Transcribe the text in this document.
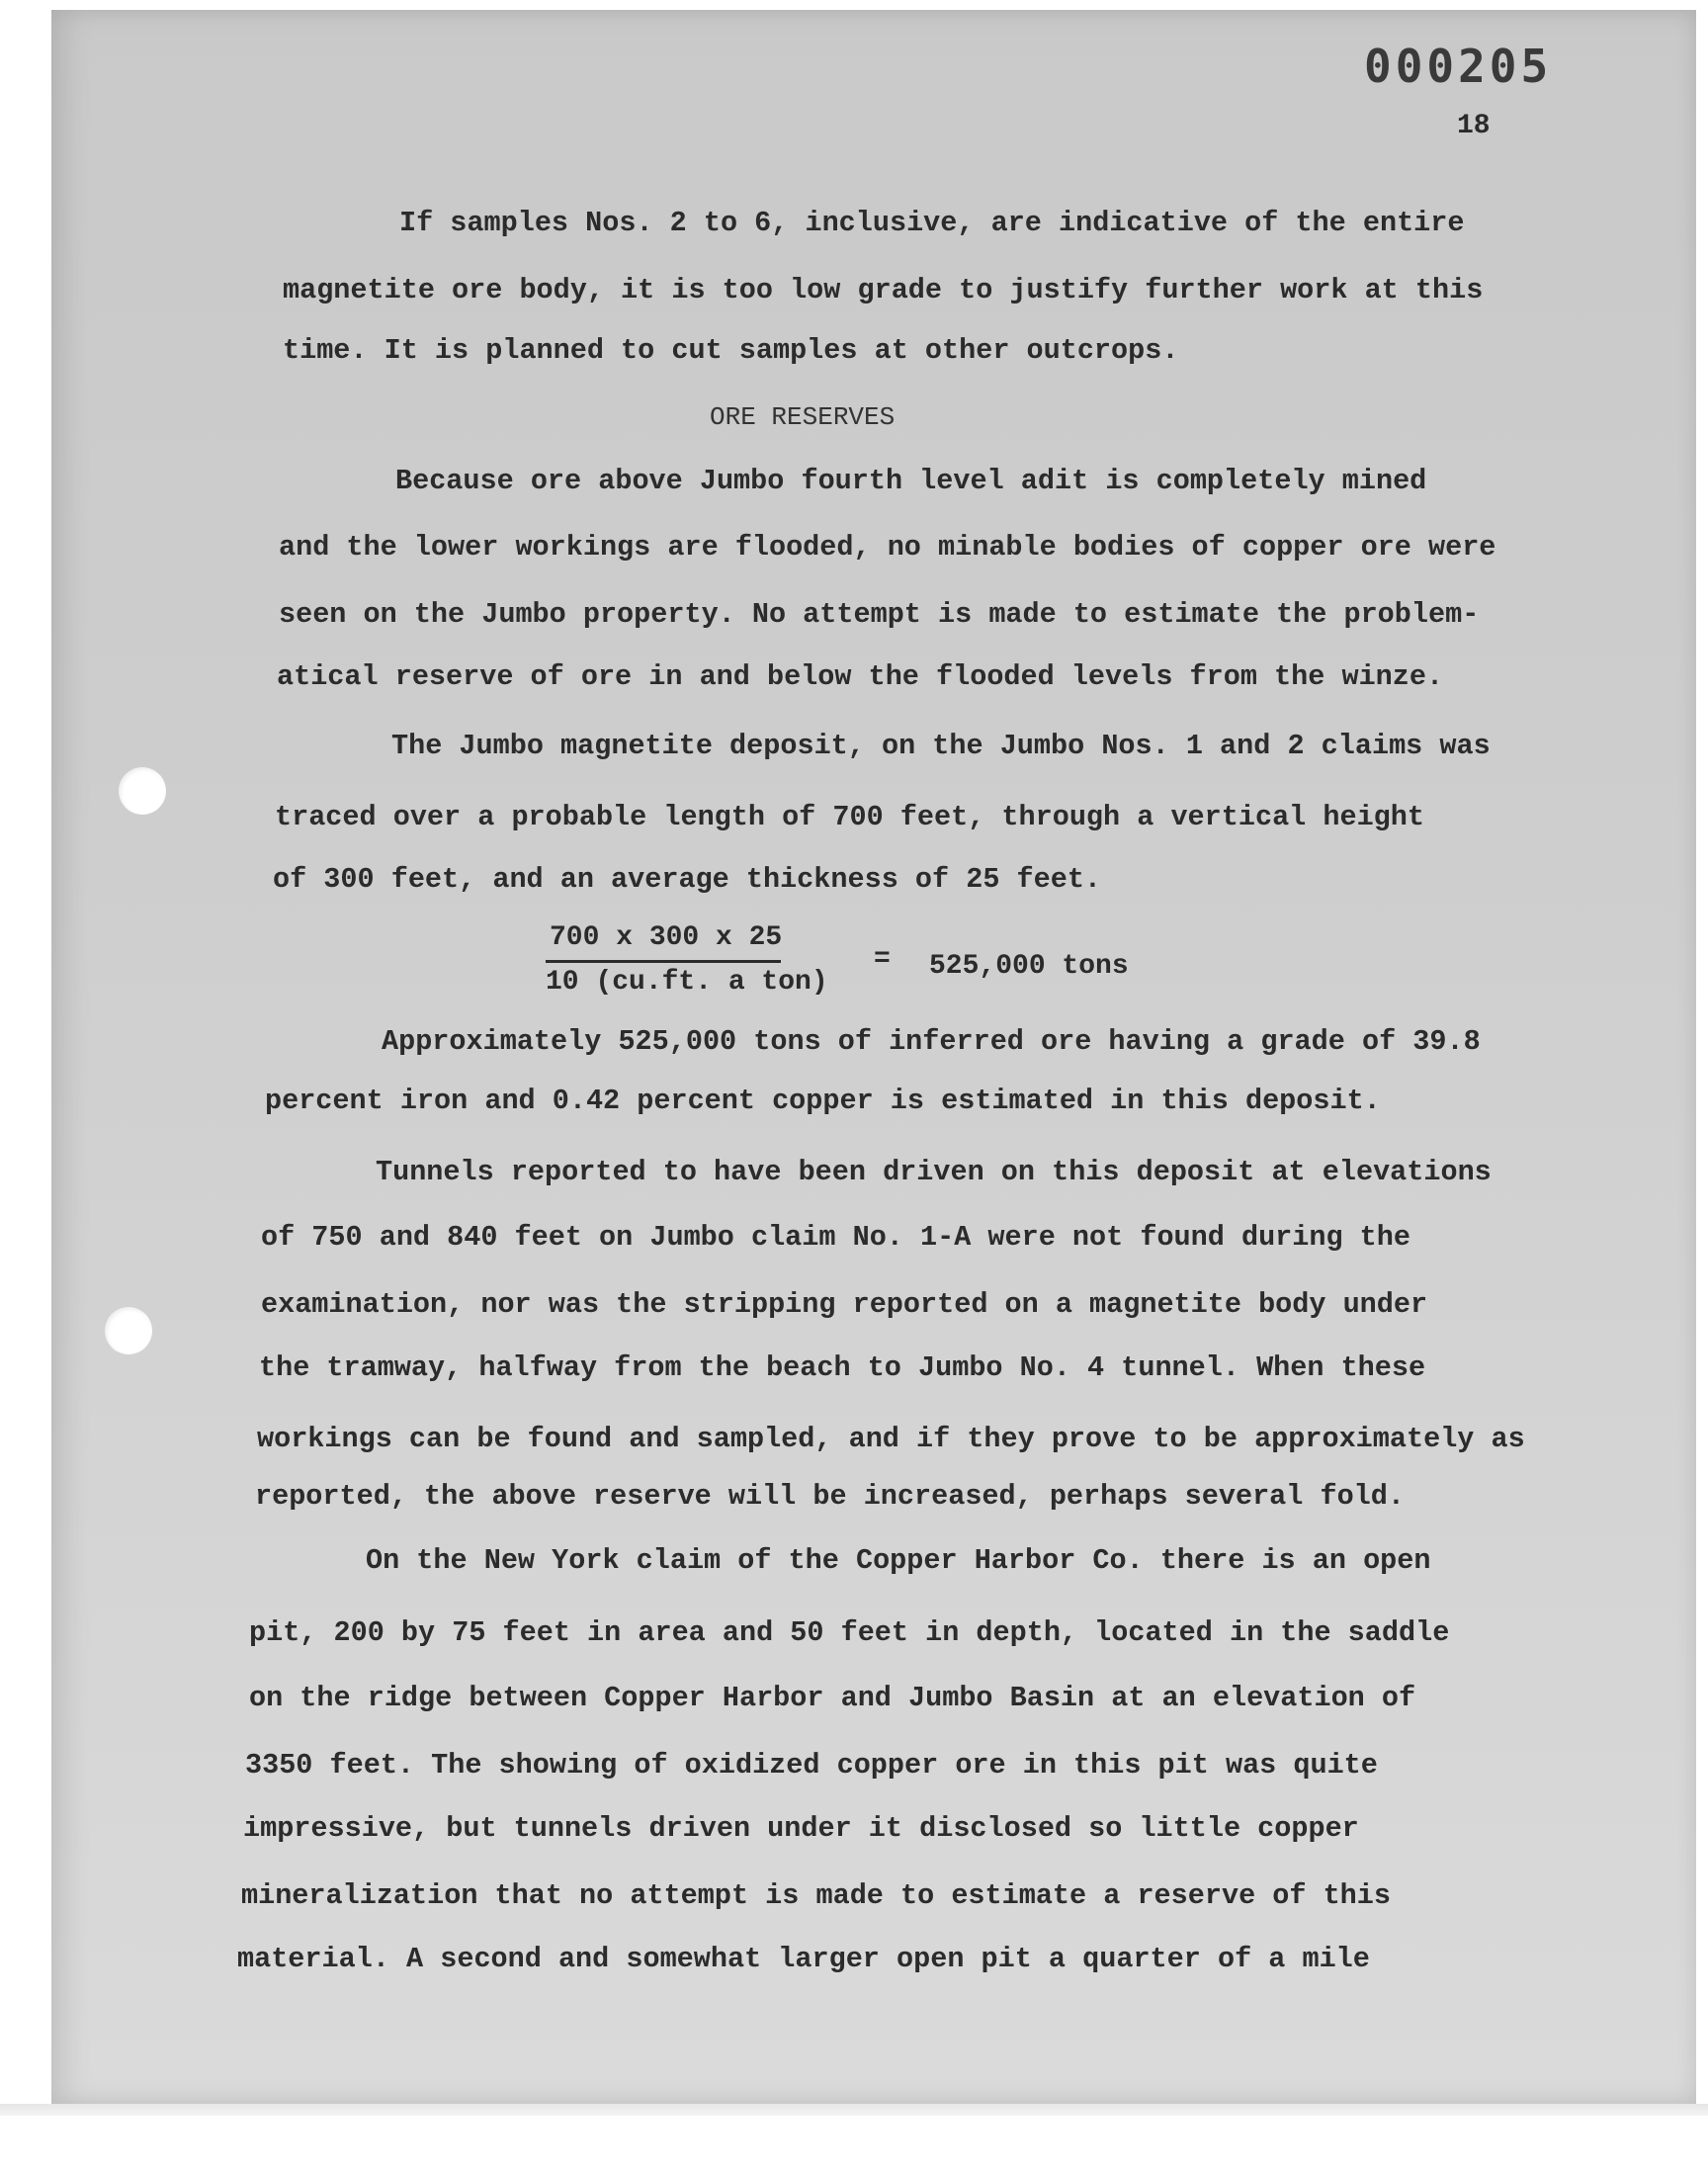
000205
18
If samples Nos. 2 to 6, inclusive, are indicative of the entire
magnetite ore body, it is too low grade to justify further work at this
time. It is planned to cut samples at other outcrops.
ORE RESERVES
Because ore above Jumbo fourth level adit is completely mined
and the lower workings are flooded, no minable bodies of copper ore were
seen on the Jumbo property. No attempt is made to estimate the problem-
atical reserve of ore in and below the flooded levels from the winze.
The Jumbo magnetite deposit, on the Jumbo Nos. 1 and 2 claims was
traced over a probable length of 700 feet, through a vertical height
of 300 feet, and an average thickness of 25 feet.
700 x 300 x 25
10 (cu.ft. a ton)
= 525,000 tons
Approximately 525,000 tons of inferred ore having a grade of 39.8
percent iron and 0.42 percent copper is estimated in this deposit.
Tunnels reported to have been driven on this deposit at elevations
of 750 and 840 feet on Jumbo claim No. 1-A were not found during the
examination, nor was the stripping reported on a magnetite body under
the tramway, halfway from the beach to Jumbo No. 4 tunnel. When these
workings can be found and sampled, and if they prove to be approximately as
reported, the above reserve will be increased, perhaps several fold.
On the New York claim of the Copper Harbor Co. there is an open
pit, 200 by 75 feet in area and 50 feet in depth, located in the saddle
on the ridge between Copper Harbor and Jumbo Basin at an elevation of
3350 feet. The showing of oxidized copper ore in this pit was quite
impressive, but tunnels driven under it disclosed so little copper
mineralization that no attempt is made to estimate a reserve of this
material. A second and somewhat larger open pit a quarter of a mile
